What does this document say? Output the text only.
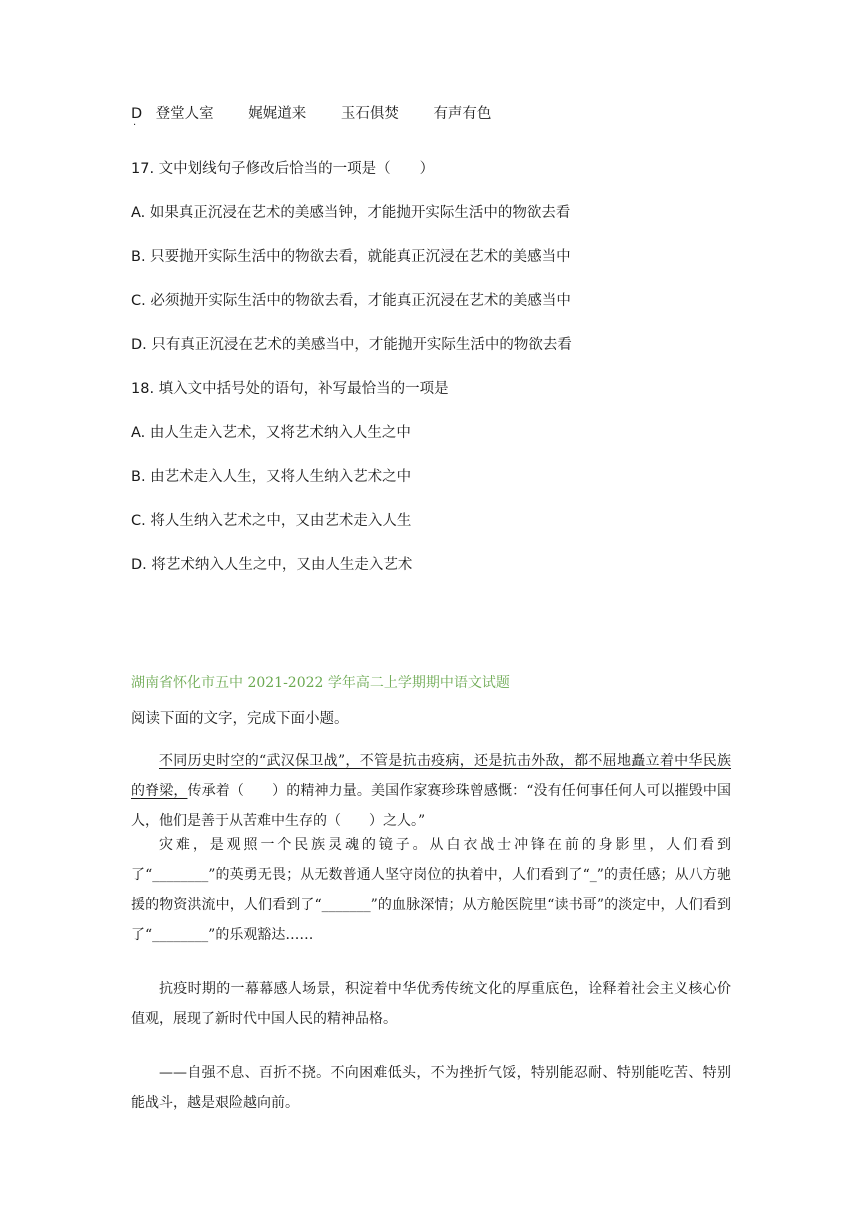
D
·
登堂人室 娓娓道来 玉石俱焚 有声有色
17. 文中划线句子修改后恰当的一项是（　　）
A. 如果真正沉浸在艺术的美感当钟，才能抛开实际生活中的物欲去看
B. 只要抛开实际生活中的物欲去看，就能真正沉浸在艺术的美感当中
C. 必须抛开实际生活中的物欲去看，才能真正沉浸在艺术的美感当中
D. 只有真正沉浸在艺术的美感当中，才能抛开实际生活中的物欲去看
18. 填入文中括号处的语句，补写最恰当的一项是
A. 由人生走入艺术，又将艺术纳入人生之中
B. 由艺术走入人生，又将人生纳入艺术之中
C. 将人生纳入艺术之中，又由艺术走入人生
D. 将艺术纳入人生之中，又由人生走入艺术
湖南省怀化市五中 2021-2022 学年高二上学期期中语文试题
阅读下面的文字，完成下面小题。
不同历史时空的“武汉保卫战”，不管是抗击疫病，还是抗击外敌，都不屈地矗立着中华民族的脊梁，传承着（　　）的精神力量。美国作家赛珍珠曾感慨：“没有任何事任何人可以摧毁中国人，他们是善于从苦难中生存的（　　）之人。”
灾难，是观照一个民族灵魂的镜子。从白衣战士冲锋在前的身影里，人们看到了“________”的英勇无畏；从无数普通人坚守岗位的执着中，人们看到了“_”的责任感；从八方驰援的物资洪流中，人们看到了“_______”的血脉深情；从方舱医院里“读书哥”的淡定中，人们看到了“________”的乐观豁达……
抗疫时期的一幕幕感人场景，积淀着中华优秀传统文化的厚重底色，诠释着社会主义核心价值观，展现了新时代中国人民的精神品格。
——自强不息、百折不挠。不向困难低头，不为挫折气馁，特别能忍耐、特别能吃苦、特别能战斗，越是艰险越向前。
